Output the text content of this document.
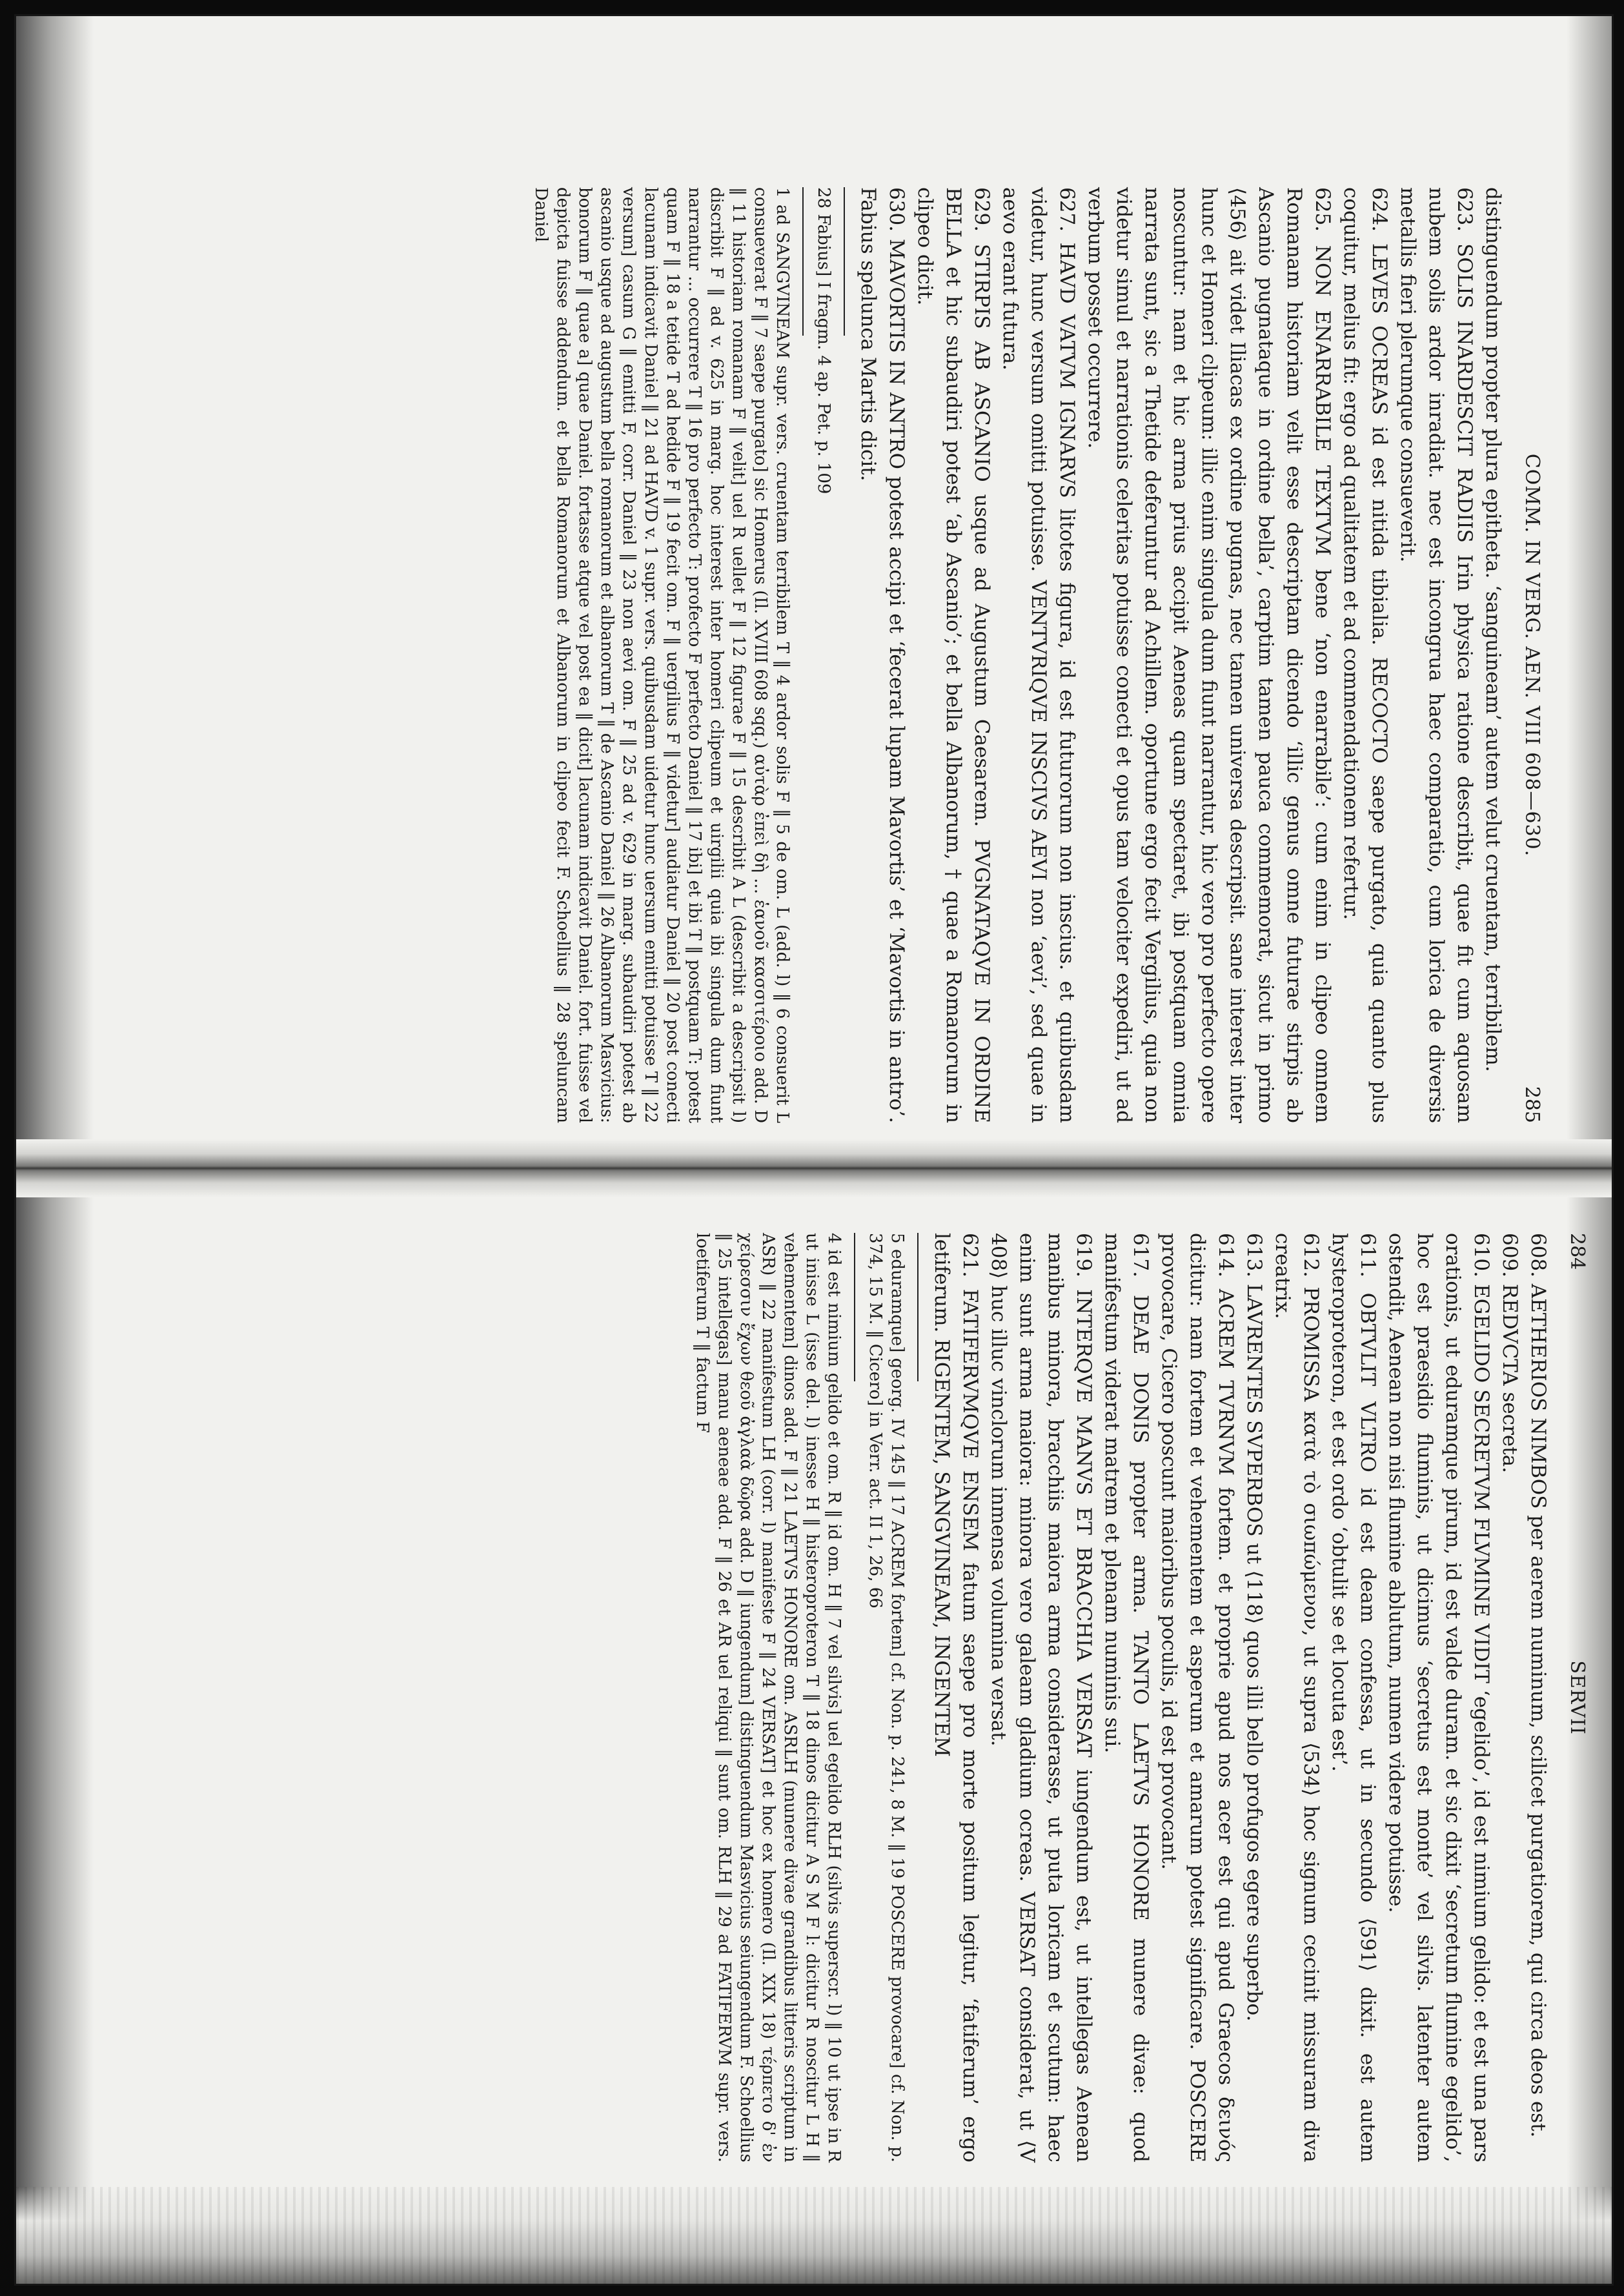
COMM. IN VERG. AEN. VIII 608—630.
285

distinguendum propter plura epitheta. ‘sanguineam’ autem velut cruentam, terribilem.

623. SOLIS INARDESCIT RADIIS Irin physica ratione describit, quae fit cum aquosam nubem solis ardor inradiat. nec est incongrua haec comparatio, cum lorica de diversis metallis fieri plerumque consueverit.

624. LEVES OCREAS id est nitida tibialia. RECOCTO saepe purgato, quia quanto plus coquitur, melius fit: ergo ad qualitatem et ad commendationem refertur.

625. NON ENARRABILE TEXTVM bene ‘non enarrabile’: cum enim in clipeo omnem Romanam historiam velit esse descriptam dicendo ‘illic genus omne futurae stirpis ab Ascanio pugnataque in ordine bella’, carptim tamen pauca commemorat, sicut in primo ⟨456⟩ ait videt Iliacas ex ordine pugnas, nec tamen universa descripsit. sane interest inter hunc et Homeri clipeum: illic enim singula dum fiunt narrantur, hic vero pro perfecto opere noscuntur: nam et hic arma prius accipit Aeneas quam spectaret, ibi postquam omnia narrata sunt, sic a Thetide deferuntur ad Achillem. oportune ergo fecit Vergilius, quia non videtur simul et narrationis celeritas potuisse conecti et opus tam velociter expediri, ut ad verbum posset occurrere.

627. HAVD VATVM IGNARVS litotes figura, id est futurorum non inscius. et quibusdam videtur, hunc versum omitti potuisse. VENTVRIQVE INSCIVS AEVI non ‘aevi’, sed quae in aevo erant futura.

629. STIRPIS AB ASCANIO usque ad Augustum Caesarem. PVGNATAQVE IN ORDINE BELLA et hic subaudiri potest ‘ab Ascanio’; et bella Albanorum, † quae a Romanorum in clipeo dicit.

630. MAVORTIS IN ANTRO potest accipi et ‘fecerat lupam Mavortis’ et ‘Mavortis in antro’. Fabius spelunca Martis dicit.

28 Fabius] I fragm. 4 ap. Pet. p. 109

1 ad SANGVINEAM supr. vers. cruentam terribilem T ‖ 4 ardor solis F ‖ 5 de om. L (add. l) ‖ 6 consuerit L consueverat F ‖ 7 saepe purgato] sic Homerus (Il. XVIII 608 sqq.) αὐτὰρ ἐπεὶ δὴ ... ἑανοῦ κασσιτέροιο add. D ‖ 11 historiam romanam F ‖ velit] uel R uellet F ‖ 12 figurae F ‖ 15 describit A L (describit a descripsit l) discribit F ‖ ad v. 625 in marg. hoc interest inter homeri clipeum et uirgilii quia ibi singula dum fiunt narrantur ... occurrere T ‖ 16 pro perfecto T: profecto F perfecto Daniel ‖ 17 ibi] et ibi T ‖ postquam T: potest quam F ‖ 18 a tetide T ad hedide F ‖ 19 fecit om. F ‖ uergilius F ‖ videtur] audiatur Daniel ‖ 20 post conecti lacunam indicavit Daniel ‖ 21 ad HAVD v. 1 supr. vers. quibusdam uidetur hunc uersum emitti potuisse T ‖ 22 versum] casum G ‖ emitti F, corr. Daniel ‖ 23 non aevi om. F ‖ 25 ad v. 629 in marg. subaudiri potest ab ascanio usque ad augustum bella romanorum et albanorum T ‖ de Ascanio Daniel ‖ 26 Albanorum Masvicius: bonorum F ‖ quae a] quae Daniel. fortasse atque vel post ea ‖ dicit] lacunam indicavit Daniel. fort. fuisse vel depicta fuisse addendum. et bella Romanorum et Albanorum in clipeo fecit F. Schoellius ‖ 28 speluncam Daniel

284
SERVII

608. AETHERIOS NIMBOS per aerem numinum, scilicet purgatiorem, qui circa deos est.

609. REDVCTA secreta.

610. EGELIDO SECRETVM FLVMINE VIDIT ‘egelido’, id est nimium gelido: et est una pars orationis, ut eduramque pirum, id est valde duram. et sic dixit ‘secretum flumine egelido’, hoc est praesidio fluminis, ut dicimus ‘secretus est monte’ vel silvis. latenter autem ostendit, Aenean non nisi flumine ablutum, numen videre potuisse.

611. OBTVLIT VLTRO id est deam confessa, ut in secundo ⟨591⟩ dixit. est autem hysteroproteron, et est ordo ‘obtulit se et locuta est’.

612. PROMISSA κατὰ τὸ σιωπώμενον, ut supra ⟨534⟩ hoc signum cecinit missuram diva creatrix.

613. LAVRENTES SVPERBOS ut ⟨118⟩ quos illi bello profugos egere superbo.

614. ACREM TVRNVM fortem. et proprie apud nos acer est qui apud Graecos δεινός dicitur: nam fortem et vehementem et asperum et amarum potest significare. POSCERE provocare, Cicero poscunt maioribus poculis, id est provocant.

617. DEAE DONIS propter arma. TANTO LAETVS HONORE munere divae: quod manifestum viderat matrem et plenam numinis sui.

619. INTERQVE MANVS ET BRACCHIA VERSAT iungendum est, ut intellegas Aenean manibus minora, bracchiis maiora arma considerasse, ut puta loricam et scutum: haec enim sunt arma maiora: minora vero galeam gladium ocreas. VERSAT considerat, ut ⟨V 408⟩ huc illuc vinclorum inmensa volumina versat.

621. FATIFERVMQVE ENSEM fatum saepe pro morte positum legitur, ‘fatiferum’ ergo letiferum. RIGENTEM, SANGVINEAM, INGENTEM

5 eduramque] georg. IV 145 ‖ 17 ACREM fortem] cf. Non. p. 241, 8 M. ‖ 19 POSCERE provocare] cf. Non. p. 374, 15 M. ‖ Cicero] in Verr. act. II 1, 26, 66

4 id est nimium gelido et om. R ‖ id om. H ‖ 7 vel silvis] uel egelido RLH (silvis superscr. l) ‖ 10 ut ipse in R ut inisse L (isse del. l) inesse H ‖ histeroproteron T ‖ 18 dinos dicitur A S M F l: dicitur R noscitur L H ‖ vehementem] dinos add. F ‖ 21 LAETVS HONORE om. ASRLH (munere divae grandibus litteris scriptum in ASR) ‖ 22 manifestum LH (corr. l) manifeste F ‖ 24 VERSAT] et hoc ex homero (Il. XIX 18) τέρπετο δ' ἐν χείρεσσιν ἔχων θεοῦ ἀγλαὰ δῶρα add. D ‖ iungendum] distinguendum Masvicius seiungendum F. Schoellius ‖ 25 intellegas] manu aeneae add. F ‖ 26 et AR uel reliqui ‖ sunt om. RLH ‖ 29 ad FATIFERVM supr. vers. loetiferum T ‖ factum F
